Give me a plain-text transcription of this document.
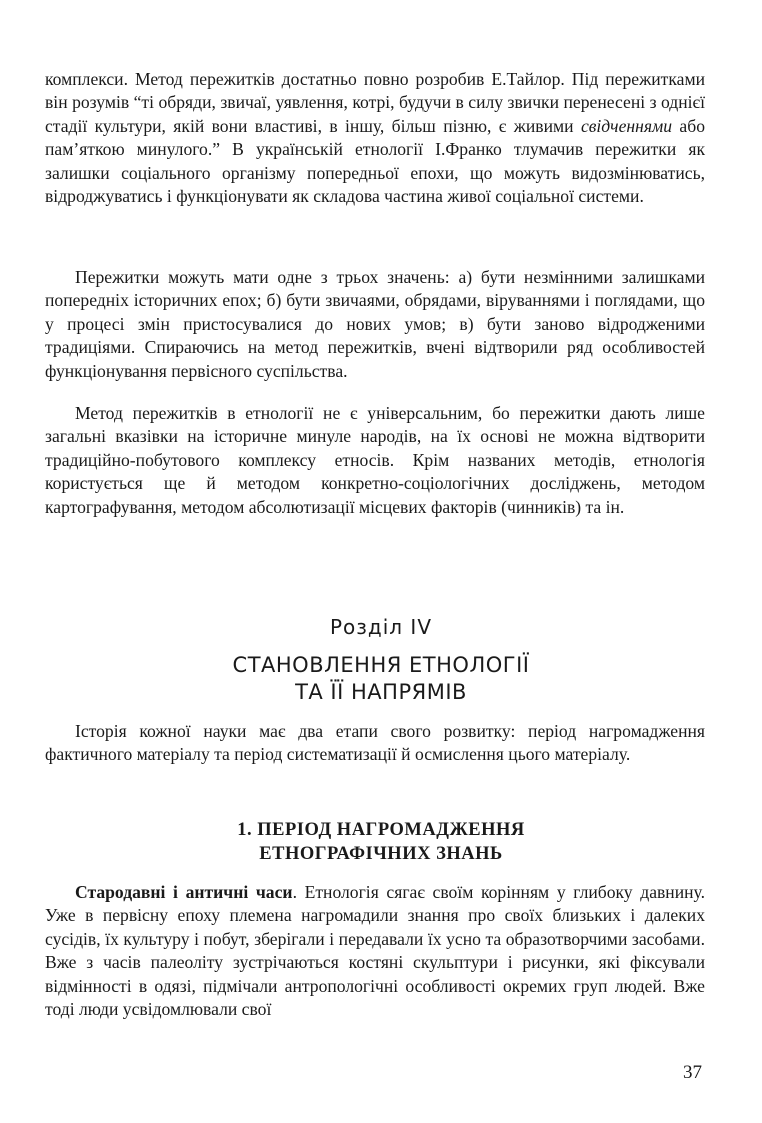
комплекси. Метод пережитків достатньо повно розробив Е.Тайлор. Під пережитками він розумів “ті обряди, звичаї, уявлення, котрі, будучи в силу звички перенесені з однієї стадії культури, якій вони властиві, в іншу, більш пізню, є живими свідченнями або пам’яткою минулого.” В українській етнології І.Франко тлумачив пережитки як залишки соціального організму попередньої епохи, що можуть видозмінюватись, відроджуватись і функціонувати як складова частина живої соціальної системи.

Пережитки можуть мати одне з трьох значень: а) бути незмінними залишками попередніх історичних епох; б) бути звичаями, обрядами, віруваннями і поглядами, що у процесі змін пристосувалися до нових умов; в) бути заново відродженими традиціями. Спираючись на метод пережитків, вчені відтворили ряд особливостей функціонування первісного суспільства.

Метод пережитків в етнології не є універсальним, бо пережитки дають лише загальні вказівки на історичне минуле народів, на їх основі не можна відтворити традиційно-побутового комплексу етносів. Крім названих методів, етнологія користується ще й методом конкретно-соціологічних досліджень, методом картографування, методом абсолютизації місцевих факторів (чинників) та ін.

Розділ IV

СТАНОВЛЕННЯ ЕТНОЛОГІЇ

ТА ЇЇ НАПРЯМІВ

Історія кожної науки має два етапи свого розвитку: період нагромадження фактичного матеріалу та період систематизації й осмислення цього матеріалу.

1. ПЕРІОД НАГРОМАДЖЕННЯ

ЕТНОГРАФІЧНИХ ЗНАНЬ

Стародавні і античні часи. Етнологія сягає своїм корінням у глибоку давнину. Уже в первісну епоху племена нагромадили знання про своїх близьких і далеких сусідів, їх культуру і побут, зберігали і передавали їх усно та образотворчими засобами. Вже з часів палеоліту зустрічаються костяні скульптури і рисунки, які фіксували відмінності в одязі, підмічали антропологічні особливості окремих груп людей. Вже тоді люди усвідомлювали свої

37
